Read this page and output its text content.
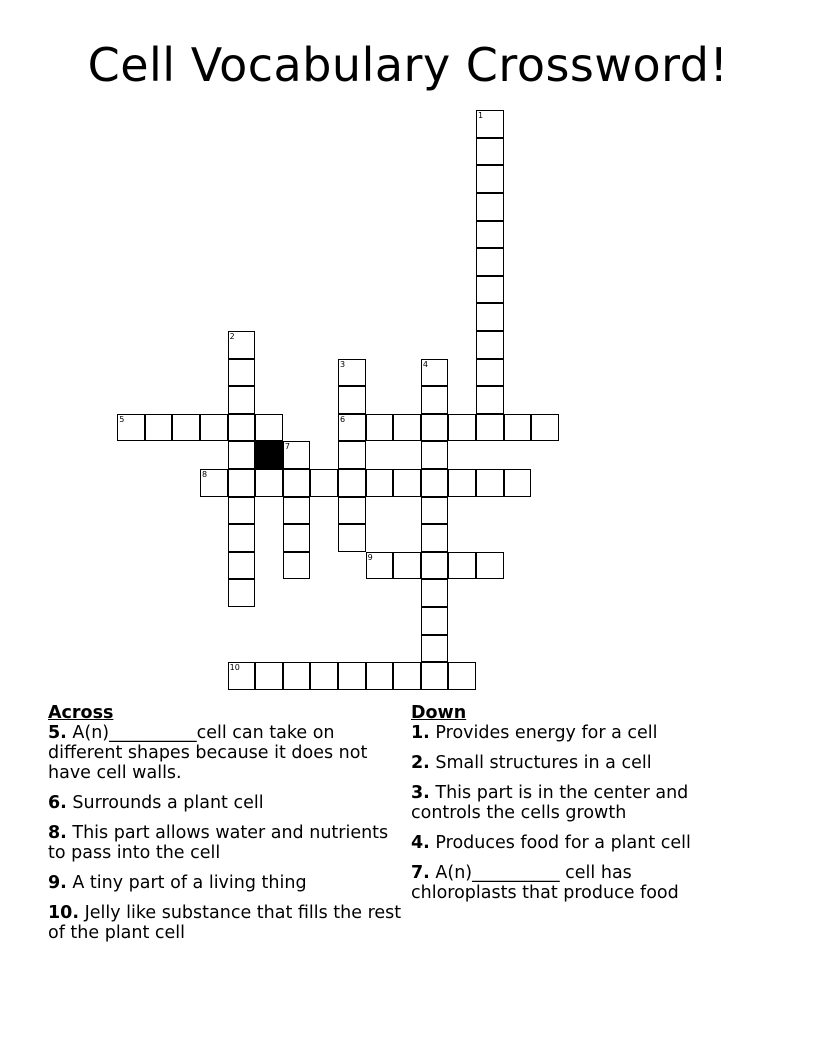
Cell Vocabulary Crossword!
1
2
3
6
4
5
7
8
9
10
Across
5. A(n)__________cell can take on different shapes because it does not have cell walls.
6. Surrounds a plant cell
8. This part allows water and nutrients to pass into the cell
9. A tiny part of a living thing
10. Jelly like substance that fills the rest of the plant cell
Down
1. Provides energy for a cell
2. Small structures in a cell
3. This part is in the center and controls the cells growth
4. Produces food for a plant cell
7. A(n)__________ cell has chloroplasts that produce food
